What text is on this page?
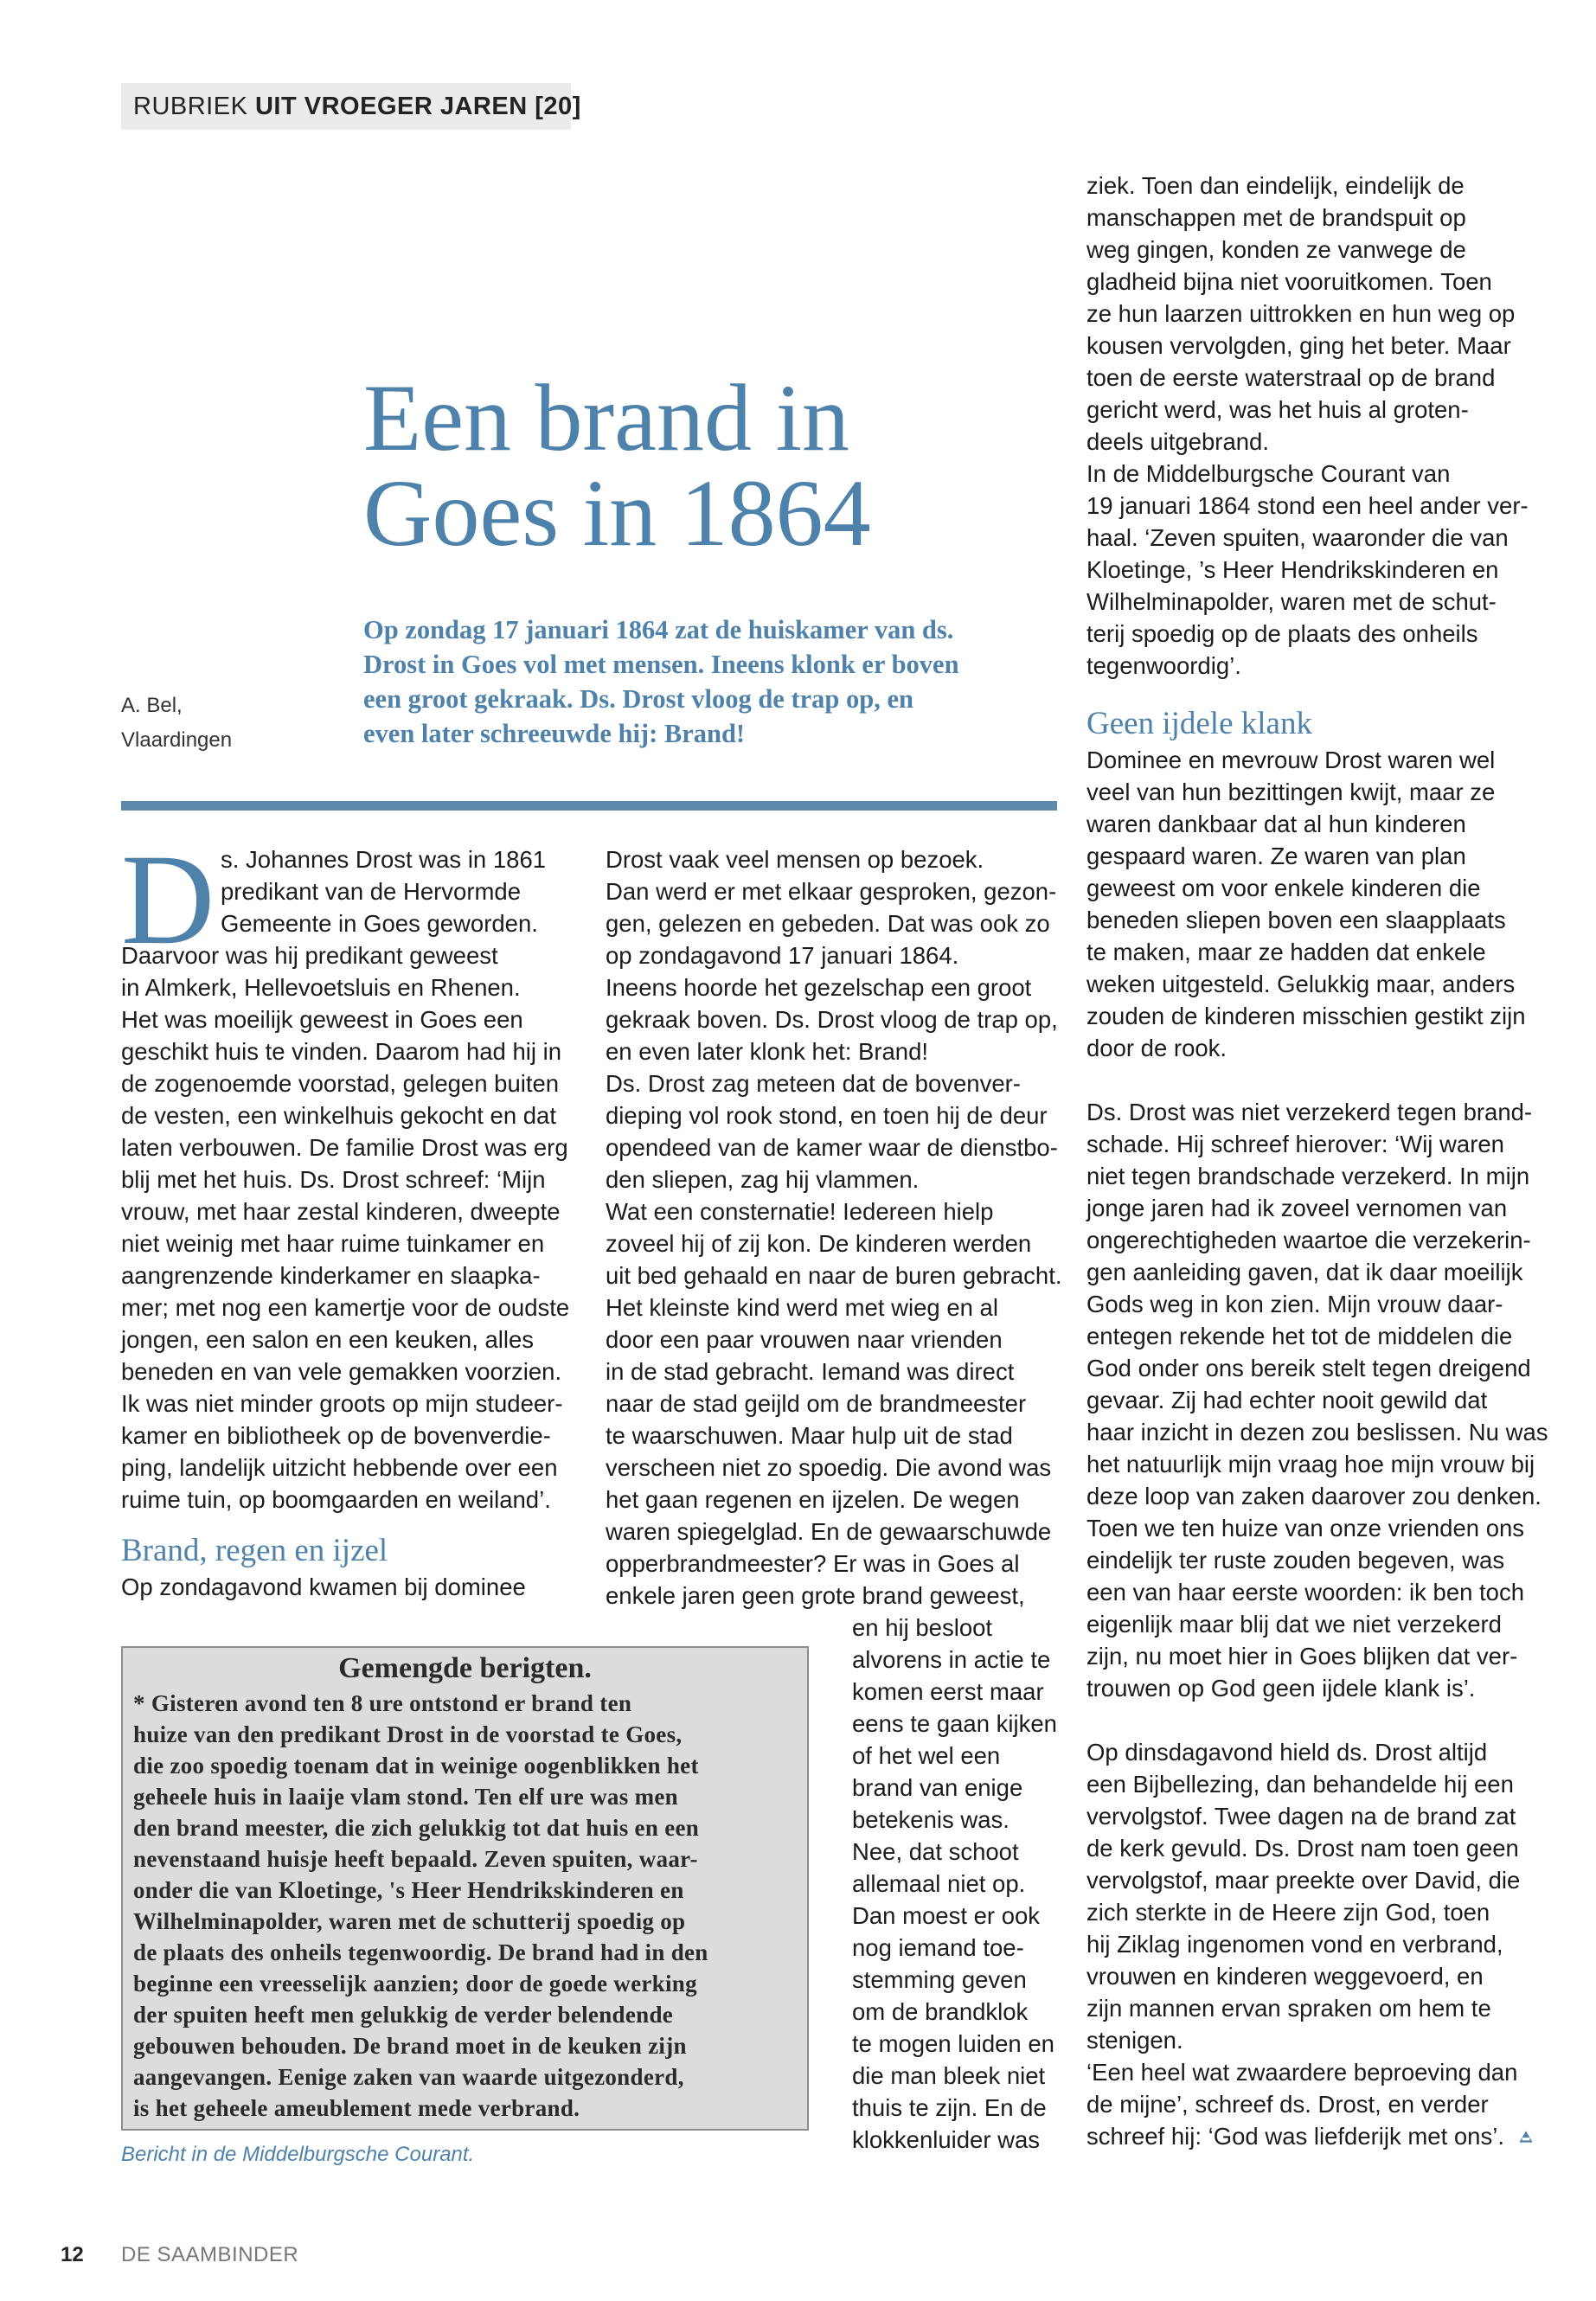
RUBRIEK UIT VROEGER JAREN [20]
Een brand in
Goes in 1864
Op zondag 17 januari 1864 zat de huiskamer van ds.
Drost in Goes vol met mensen. Ineens klonk er boven
een groot gekraak. Ds. Drost vloog de trap op, en
even later schreeuwde hij: Brand!
A. Bel,
Vlaardingen
D s. Johannes Drost was in 1861
predikant van de Hervormde
Gemeente in Goes geworden.
Daarvoor was hij predikant geweest
in Almkerk, Hellevoetsluis en Rhenen.
Het was moeilijk geweest in Goes een
geschikt huis te vinden. Daarom had hij in
de zogenoemde voorstad, gelegen buiten
de vesten, een winkelhuis gekocht en dat
laten verbouwen. De familie Drost was erg
blij met het huis. Ds. Drost schreef: ‘Mijn
vrouw, met haar zestal kinderen, dweepte
niet weinig met haar ruime tuinkamer en
aangrenzende kinderkamer en slaapka-
mer; met nog een kamertje voor de oudste
jongen, een salon en een keuken, alles
beneden en van vele gemakken voorzien.
Ik was niet minder groots op mijn studeer-
kamer en bibliotheek op de bovenverdie-
ping, landelijk uitzicht hebbende over een
ruime tuin, op boomgaarden en weiland’.
Brand, regen en ijzel
Op zondagavond kwamen bij dominee
Drost vaak veel mensen op bezoek.
Dan werd er met elkaar gesproken, gezon-
gen, gelezen en gebeden. Dat was ook zo
op zondagavond 17 januari 1864.
Ineens hoorde het gezelschap een groot
gekraak boven. Ds. Drost vloog de trap op,
en even later klonk het: Brand!
Ds. Drost zag meteen dat de bovenver-
dieping vol rook stond, en toen hij de deur
opendeed van de kamer waar de dienstbo-
den sliepen, zag hij vlammen.
Wat een consternatie! Iedereen hielp
zoveel hij of zij kon. De kinderen werden
uit bed gehaald en naar de buren gebracht.
Het kleinste kind werd met wieg en al
door een paar vrouwen naar vrienden
in de stad gebracht. Iemand was direct
naar de stad geijld om de brandmeester
te waarschuwen. Maar hulp uit de stad
verscheen niet zo spoedig. Die avond was
het gaan regenen en ijzelen. De wegen
waren spiegelglad. En de gewaarschuwde
opperbrandmeester? Er was in Goes al
enkele jaren geen grote brand geweest,
en hij besloot
alvorens in actie te
komen eerst maar
eens te gaan kijken
of het wel een
brand van enige
betekenis was.
Nee, dat schoot
allemaal niet op.
Dan moest er ook
nog iemand toe-
stemming geven
om de brandklok
te mogen luiden en
die man bleek niet
thuis te zijn. En de
klokkenluider was
ziek. Toen dan eindelijk, eindelijk de
manschappen met de brandspuit op
weg gingen, konden ze vanwege de
gladheid bijna niet vooruitkomen. Toen
ze hun laarzen uittrokken en hun weg op
kousen vervolgden, ging het beter. Maar
toen de eerste waterstraal op de brand
gericht werd, was het huis al groten-
deels uitgebrand.
In de Middelburgsche Courant van
19 januari 1864 stond een heel ander ver-
haal. ‘Zeven spuiten, waaronder die van
Kloetinge, ’s Heer Hendrikskinderen en
Wilhelminapolder, waren met de schut-
terij spoedig op de plaats des onheils
tegenwoordig’.
Geen ijdele klank
Dominee en mevrouw Drost waren wel
veel van hun bezittingen kwijt, maar ze
waren dankbaar dat al hun kinderen
gespaard waren. Ze waren van plan
geweest om voor enkele kinderen die
beneden sliepen boven een slaapplaats
te maken, maar ze hadden dat enkele
weken uitgesteld. Gelukkig maar, anders
zouden de kinderen misschien gestikt zijn
door de rook.
Ds. Drost was niet verzekerd tegen brand-
schade. Hij schreef hierover: ‘Wij waren
niet tegen brandschade verzekerd. In mijn
jonge jaren had ik zoveel vernomen van
ongerechtigheden waartoe die verzekerin-
gen aanleiding gaven, dat ik daar moeilijk
Gods weg in kon zien. Mijn vrouw daar-
entegen rekende het tot de middelen die
God onder ons bereik stelt tegen dreigend
gevaar. Zij had echter nooit gewild dat
haar inzicht in dezen zou beslissen. Nu was
het natuurlijk mijn vraag hoe mijn vrouw bij
deze loop van zaken daarover zou denken.
Toen we ten huize van onze vrienden ons
eindelijk ter ruste zouden begeven, was
een van haar eerste woorden: ik ben toch
eigenlijk maar blij dat we niet verzekerd
zijn, nu moet hier in Goes blijken dat ver-
trouwen op God geen ijdele klank is’.
Op dinsdagavond hield ds. Drost altijd
een Bijbellezing, dan behandelde hij een
vervolgstof. Twee dagen na de brand zat
de kerk gevuld. Ds. Drost nam toen geen
vervolgstof, maar preekte over David, die
zich sterkte in de Heere zijn God, toen
hij Ziklag ingenomen vond en verbrand,
vrouwen en kinderen weggevoerd, en
zijn mannen ervan spraken om hem te
stenigen.
‘Een heel wat zwaardere beproeving dan
de mijne’, schreef ds. Drost, en verder
schreef hij: ‘God was liefderijk met ons’.
Gemengde berigten.
* Gisteren avond ten 8 ure ontstond er brand ten
huize van den predikant Drost in de voorstad te Goes,
die zoo spoedig toenam dat in weinige oogenblikken het
geheele huis in laaije vlam stond. Ten elf ure was men
den brand meester, die zich gelukkig tot dat huis en een
nevenstaand huisje heeft bepaald. Zeven spuiten, waar-
onder die van Kloetinge, 's Heer Hendrikskinderen en
Wilhelminapolder, waren met de schutterij spoedig op
de plaats des onheils tegenwoordig. De brand had in den
beginne een vreesselijk aanzien; door de goede werking
der spuiten heeft men gelukkig de verder belendende
gebouwen behouden. De brand moet in de keuken zijn
aangevangen. Eenige zaken van waarde uitgezonderd,
is het geheele ameublement mede verbrand.
Bericht in de Middelburgsche Courant.
12 DE SAAMBINDER
